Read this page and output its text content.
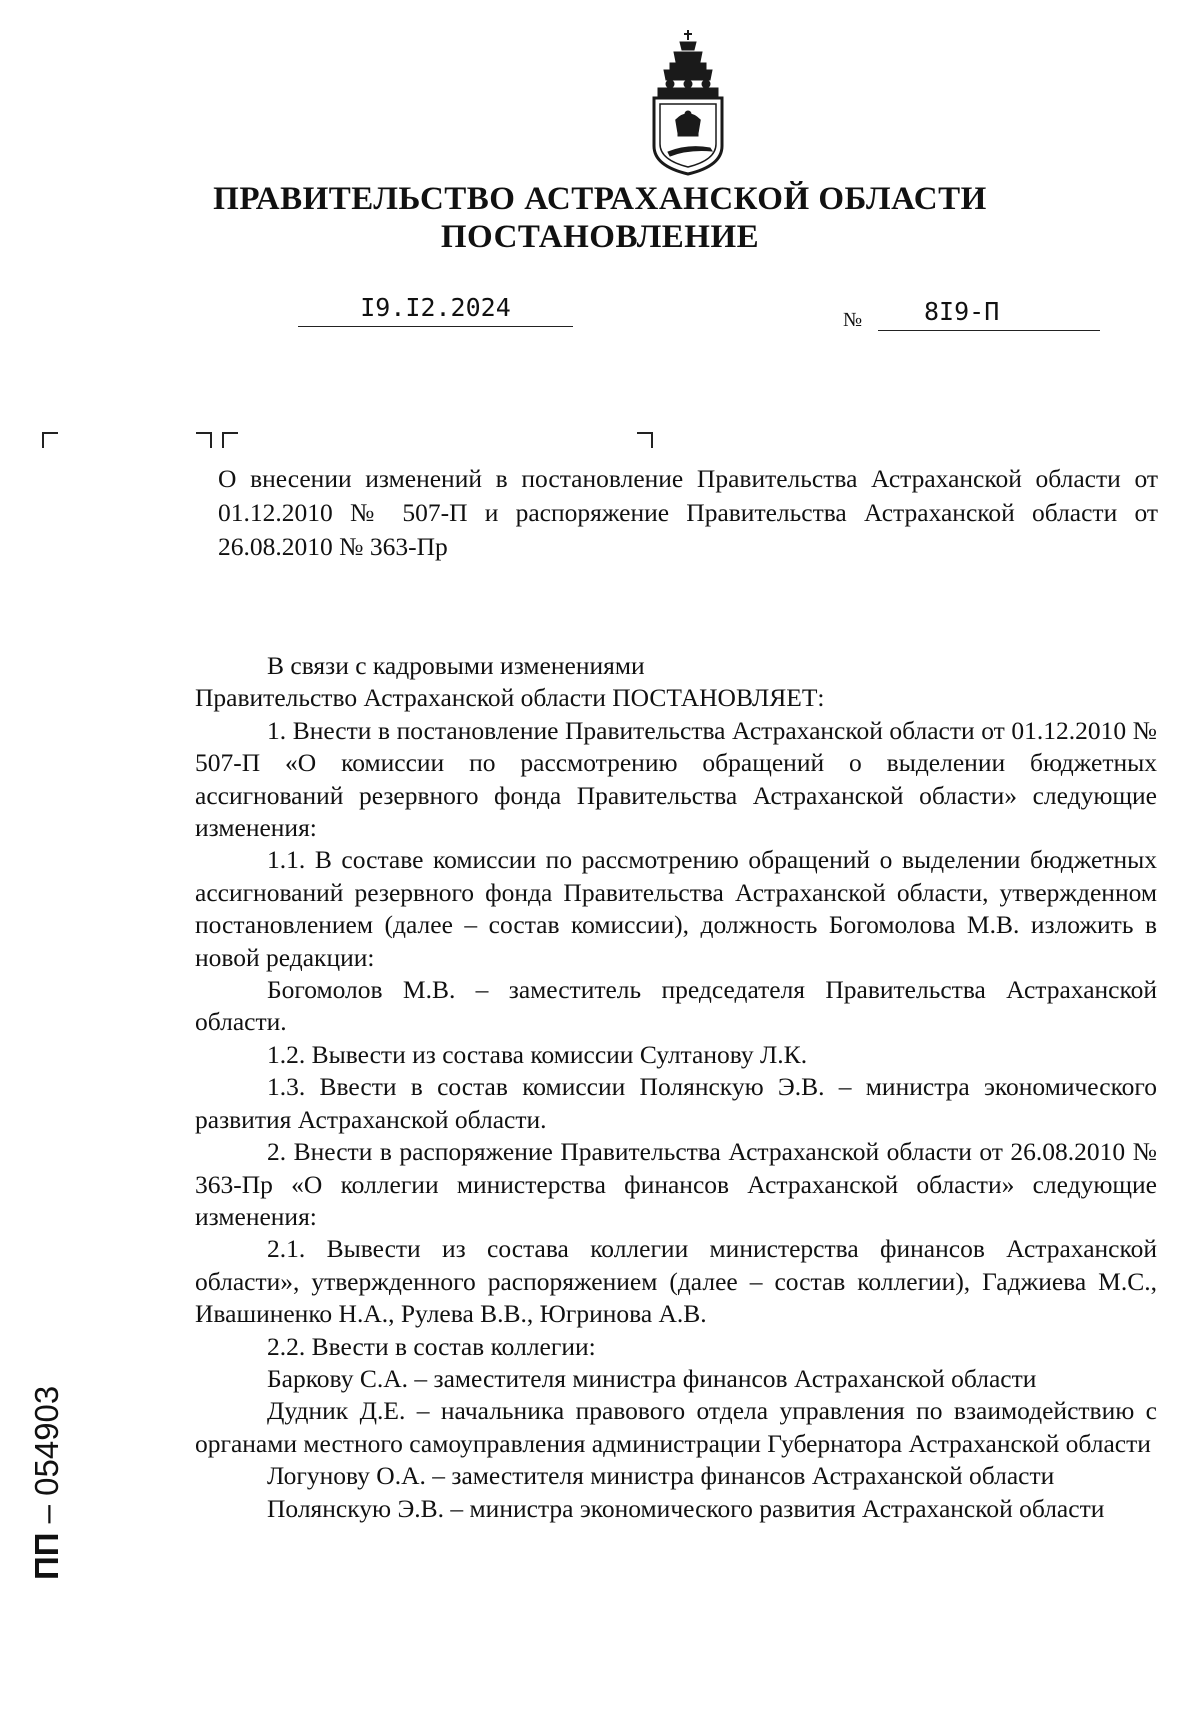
ПРАВИТЕЛЬСТВО АСТРАХАНСКОЙ ОБЛАСТИ
ПОСТАНОВЛЕНИЕ
I9.I2.2024	№	8I9-П
О внесении изменений в постановление Правительства Астраханской области от 01.12.2010 № 507-П и распоряжение Правительства Астраханской области от 26.08.2010 № 363-Пр

В связи с кадровыми изменениями

Правительство Астраханской области ПОСТАНОВЛЯЕТ:

1. Внести в постановление Правительства Астраханской области от 01.12.2010 № 507-П «О комиссии по рассмотрению обращений о выделении бюджетных ассигнований резервного фонда Правительства Астраханской области» следующие изменения:

1.1. В составе комиссии по рассмотрению обращений о выделении бюджетных ассигнований резервного фонда Правительства Астраханской области, утвержденном постановлением (далее – состав комиссии), должность Богомолова М.В. изложить в новой редакции:

Богомолов М.В. – заместитель председателя Правительства Астраханской области.

1.2. Вывести из состава комиссии Султанову Л.К.

1.3. Ввести в состав комиссии Полянскую Э.В. – министра экономического развития Астраханской области.

2. Внести в распоряжение Правительства Астраханской области от 26.08.2010 № 363-Пр «О коллегии министерства финансов Астраханской области» следующие изменения:

2.1. Вывести из состава коллегии министерства финансов Астраханской области», утвержденного распоряжением (далее – состав коллегии), Гаджиева М.С., Ивашиненко Н.А., Рулева В.В., Югринова А.В.

2.2. Ввести в состав коллегии:

Баркову С.А. – заместителя министра финансов Астраханской области

Дудник Д.Е. – начальника правового отдела управления по взаимодействию с органами местного самоуправления администрации Губернатора Астраханской области

Логунову О.А. – заместителя министра финансов Астраханской области

Полянскую Э.В. – министра экономического развития Астраханской области

ПП – 054903
